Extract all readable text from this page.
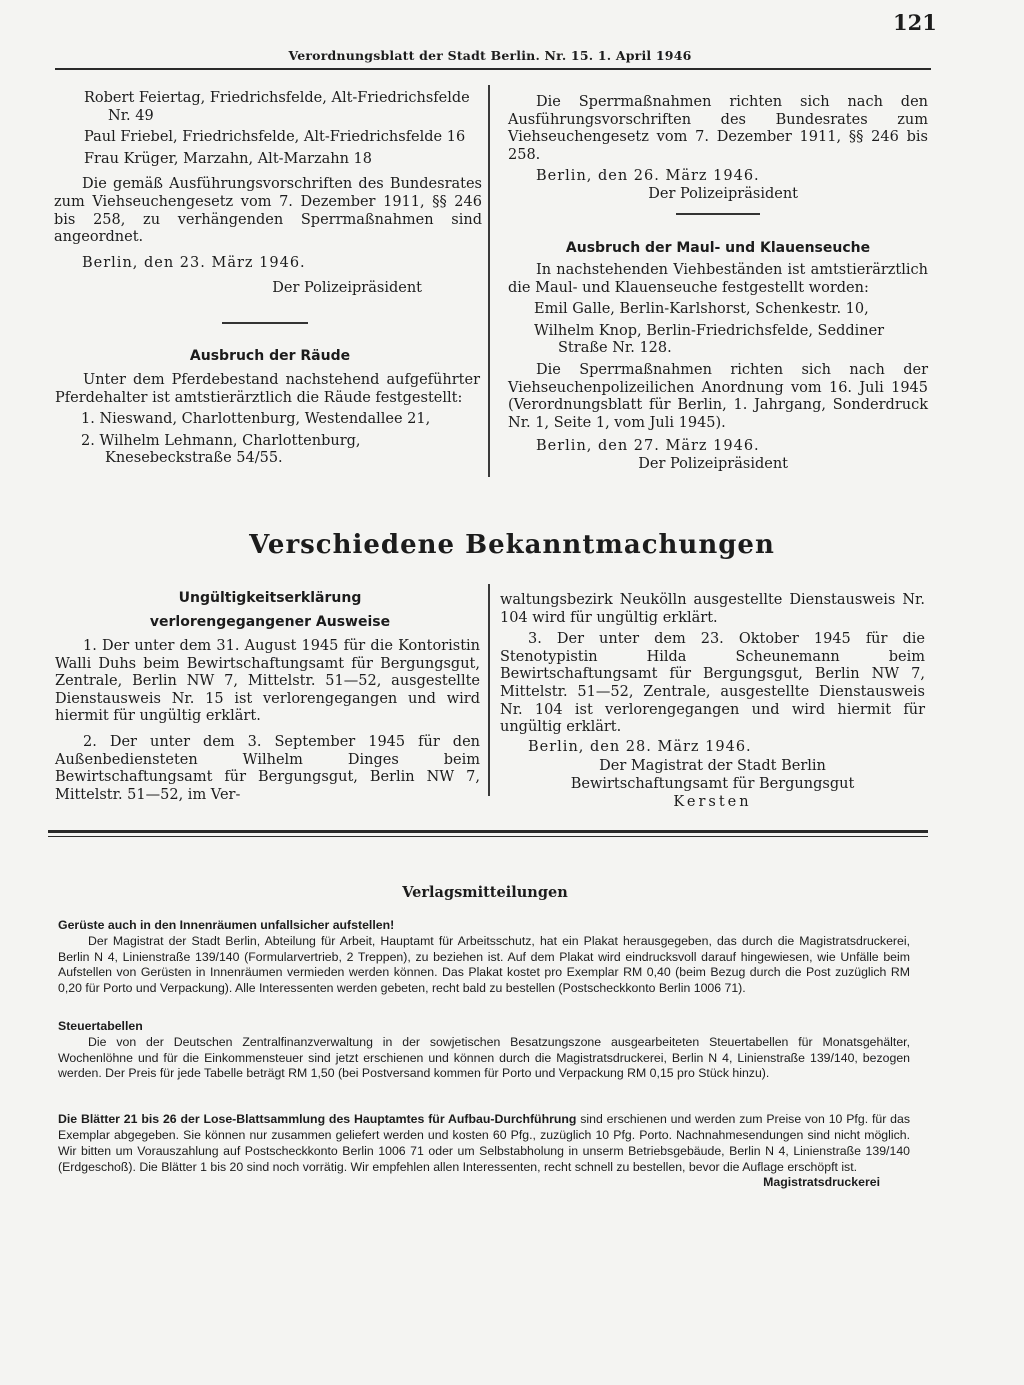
121
Verordnungsblatt der Stadt Berlin. Nr. 15. 1. April 1946

Robert Feiertag, Friedrichsfelde, Alt-Friedrichsfelde Nr. 49

Paul Friebel, Friedrichsfelde, Alt-Friedrichsfelde 16

Frau Krüger, Marzahn, Alt-Marzahn 18

Die gemäß Ausführungsvorschriften des Bundesrates zum Viehseuchengesetz vom 7. Dezember 1911, §§ 246 bis 258, zu verhängenden Sperrmaßnahmen sind angeordnet.

Berlin, den 23. März 1946.

Der Polizeipräsident

Ausbruch der Räude

Unter dem Pferdebestand nachstehend aufgeführter Pferdehalter ist amtstierärztlich die Räude festgestellt:

1. Nieswand, Charlottenburg, Westendallee 21,

2. Wilhelm Lehmann, Charlottenburg, Knesebeckstraße 54/55.

Die Sperrmaßnahmen richten sich nach den Ausführungsvorschriften des Bundesrates zum Viehseuchengesetz vom 7. Dezember 1911, §§ 246 bis 258.

Berlin, den 26. März 1946.

Der Polizeipräsident

Ausbruch der Maul- und Klauenseuche

In nachstehenden Viehbeständen ist amtstierärztlich die Maul- und Klauenseuche festgestellt worden:

Emil Galle, Berlin-Karlshorst, Schenkestr. 10,

Wilhelm Knop, Berlin-Friedrichsfelde, Seddiner Straße Nr. 128.

Die Sperrmaßnahmen richten sich nach der Viehseuchenpolizeilichen Anordnung vom 16. Juli 1945 (Verordnungsblatt für Berlin, 1. Jahrgang, Sonderdruck Nr. 1, Seite 1, vom Juli 1945).

Berlin, den 27. März 1946.

Der Polizeipräsident

Verschiedene Bekanntmachungen
Ungültigkeitserklärung
verlorengegangener Ausweise

1. Der unter dem 31. August 1945 für die Kontoristin Walli Duhs beim Bewirtschaftungsamt für Bergungsgut, Zentrale, Berlin NW 7, Mittelstr. 51—52, ausgestellte Dienstausweis Nr. 15 ist verlorengegangen und wird hiermit für ungültig erklärt.

2. Der unter dem 3. September 1945 für den Außenbediensteten Wilhelm Dinges beim Bewirtschaftungsamt für Bergungsgut, Berlin NW 7, Mittelstr. 51—52, im Ver-

waltungsbezirk Neukölln ausgestellte Dienstausweis Nr. 104 wird für ungültig erklärt.

3. Der unter dem 23. Oktober 1945 für die Stenotypistin Hilda Scheunemann beim Bewirtschaftungsamt für Bergungsgut, Berlin NW 7, Mittelstr. 51—52, Zentrale, ausgestellte Dienstausweis Nr. 104 ist verlorengegangen und wird hiermit für ungültig erklärt.

Berlin, den 28. März 1946.

Der Magistrat der Stadt Berlin

Bewirtschaftungsamt für Bergungsgut

Kersten

Verlagsmitteilungen

Gerüste auch in den Innenräumen unfallsicher aufstellen!

Der Magistrat der Stadt Berlin, Abteilung für Arbeit, Hauptamt für Arbeitsschutz, hat ein Plakat herausgegeben, das durch die Magistratsdruckerei, Berlin N 4, Linienstraße 139/140 (Formularvertrieb, 2 Treppen), zu beziehen ist. Auf dem Plakat wird eindrucksvoll darauf hingewiesen, wie Unfälle beim Aufstellen von Gerüsten in Innenräumen vermieden werden können. Das Plakat kostet pro Exemplar RM 0,40 (beim Bezug durch die Post zuzüglich RM 0,20 für Porto und Verpackung). Alle Interessenten werden gebeten, recht bald zu bestellen (Postscheckkonto Berlin 1006 71).

Steuertabellen

Die von der Deutschen Zentralfinanzverwaltung in der sowjetischen Besatzungszone ausgearbeiteten Steuertabellen für Monatsgehälter, Wochenlöhne und für die Einkommensteuer sind jetzt erschienen und können durch die Magistratsdruckerei, Berlin N 4, Linienstraße 139/140, bezogen werden. Der Preis für jede Tabelle beträgt RM 1,50 (bei Postversand kommen für Porto und Verpackung RM 0,15 pro Stück hinzu).

Die Blätter 21 bis 26 der Lose-Blattsammlung des Hauptamtes für Aufbau-Durchführung sind erschienen und werden zum Preise von 10 Pfg. für das Exemplar abgegeben. Sie können nur zusammen geliefert werden und kosten 60 Pfg., zuzüglich 10 Pfg. Porto. Nachnahmesendungen sind nicht möglich. Wir bitten um Vorauszahlung auf Postscheckkonto Berlin 1006 71 oder um Selbstabholung in unserm Betriebsgebäude, Berlin N 4, Linienstraße 139/140 (Erdgeschoß). Die Blätter 1 bis 20 sind noch vorrätig. Wir empfehlen allen Interessenten, recht schnell zu bestellen, bevor die Auflage erschöpft ist.

Magistratsdruckerei
